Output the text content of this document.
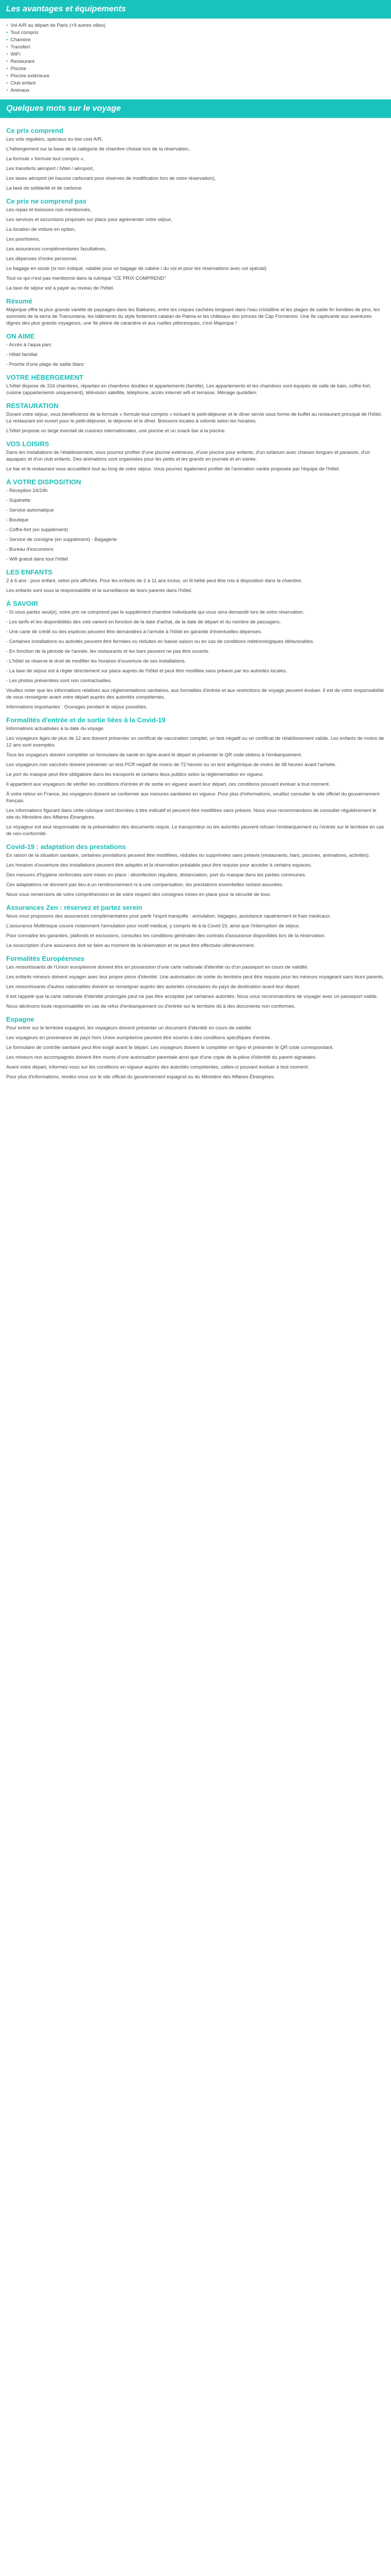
Les avantages et équipements
• Vol A/R au départ de Paris (+9 autres villes)
• Tout compris
• Chambre
• Transfert
• WiFi
• Restaurant
• Piscine
• Piscine extérieure
• Club enfant
• Animaux
Quelques mots sur le voyage
Ce prix comprend

Les vols réguliers, spéciaux ou low cost A/R,

L'hébergement sur la base de la catégorie de chambre choisie lors de la réservation,

La formule « formule tout compris »,

Les transferts aéroport / hôtel / aéroport,

Les taxes aéroport (et hausse carburant pour réserves de modification lors de votre réservation),

La taxe de solidarité et de carbone.

Ce prix ne comprend pas

Les repas et boissons non mentionnés,

Les services et excursions proposés sur place pour agrémenter votre séjour,

La location de voiture en option,

Les pourboires,

Les assurances complémentaires facultatives,

Les dépenses d'ordre personnel,

Le bagage en soute (si non indiqué, valable pour un bagage de cabine / du vol et pour les réservations avec vol spécial)

Tout ce qui n'est pas mentionné dans la rubrique "CE PRIX COMPREND"

La taxe de séjour est à payer au niveau de l'hôtel.

Résumé

Majorque offre la plus grande variété de paysages dans les Baléares, entre les criques cachées longeant dans l'eau cristalline et les plages de sable fin bordées de pins, les sommets de la serra de Tramuntana, les bâtiments du style fortement catalan de Palma et les châteaux des princes de Cap Formentor. Une île captivante aux aventures dignes des plus grands voyageurs, une île pleine de caractère et aux ruelles pittoresques, c'est Majorque !

ON AIME

- Accès à l'aqua parc

- Hôtel familial

- Proche d'une plage de sable blanc

VOTRE HÉBERGEMENT

L'hôtel dispose de 316 chambres, réparties en chambres doubles et appartements (famille). Les appartements et les chambres sont équipés de salle de bain, coffre-fort, cuisine (appartements uniquement), télévision satellite, téléphone, accès internet wifi et terrasse. Ménage quotidien.

RESTAURATION

Durant votre séjour, vous bénéficierez de la formule « formule tout compris » incluant le petit-déjeuner et le dîner servis sous forme de buffet au restaurant principal de l'hôtel. Le restaurant est ouvert pour le petit-déjeuner, le déjeuner et le dîner. Boissons locales à volonté selon les horaires.

L'hôtel propose un large éventail de cuisines internationales, une piscine et un snack-bar à la piscine.

VOS LOISIRS

Dans les installations de l'établissement, vous pourrez profiter d'une piscine extérieure, d'une piscine pour enfants, d'un solarium avec chaises longues et parasols, d'un aquaparc et d'un club enfants. Des animations sont organisées pour les petits et les grands en journée et en soirée.

Le bar et le restaurant vous accueillent tout au long de votre séjour. Vous pourrez également profiter de l'animation variée proposée par l'équipe de l'hôtel.

À VOTRE DISPOSITION

- Réception 24/24h

- Supérette

- Service automatique

- Boutique

- Coffre-fort (en supplément)

- Service de consigne (en supplément) - Bagagerie

- Bureau d'excursions

- Wifi gratuit dans tout l'hôtel

LES ENFANTS

2 à 6 ans : pour enfant, selon prix affichés. Pour les enfants de 2 à 11 ans inclus, un lit bébé peut être mis à disposition dans la chambre.

Les enfants sont sous la responsabilité et la surveillance de leurs parents dans l'hôtel.

À SAVOIR

- Si vous partez seul(e), votre prix ne comprend pas le supplément chambre individuelle qui vous sera demandé lors de votre réservation.

- Les tarifs et les disponibilités des vols varient en fonction de la date d'achat, de la date de départ et du nombre de passagers.

- Une carte de crédit ou des espèces peuvent être demandées à l'arrivée à l'hôtel en garantie d'éventuelles dépenses.

- Certaines installations ou activités peuvent être fermées ou réduites en basse saison ou en cas de conditions météorologiques défavorables.

- En fonction de la période de l'année, les restaurants et les bars peuvent ne pas être ouverts.

- L'hôtel se réserve le droit de modifier les horaires d'ouverture de ses installations.

- La taxe de séjour est à régler directement sur place auprès de l'hôtel et peut être modifiée sans préavis par les autorités locales.

- Les photos présentées sont non contractuelles.

Veuillez noter que les informations relatives aux réglementations sanitaires, aux formalités d'entrée et aux restrictions de voyage peuvent évoluer. Il est de votre responsabilité de vous renseigner avant votre départ auprès des autorités compétentes.

Informations importantes : Ouvrages pendant le séjour possibles.

Formalités d'entrée et de sortie liées à la Covid-19

Informations actualisées à la date du voyage.

Les voyageurs âgés de plus de 12 ans doivent présenter un certificat de vaccination complet, un test négatif ou un certificat de rétablissement valide. Les enfants de moins de 12 ans sont exemptés.

Tous les voyageurs doivent compléter un formulaire de santé en ligne avant le départ et présenter le QR code obtenu à l'embarquement.

Les voyageurs non vaccinés doivent présenter un test PCR négatif de moins de 72 heures ou un test antigénique de moins de 48 heures avant l'arrivée.

Le port du masque peut être obligatoire dans les transports et certains lieux publics selon la réglementation en vigueur.

Il appartient aux voyageurs de vérifier les conditions d'entrée et de sortie en vigueur avant leur départ, ces conditions pouvant évoluer à tout moment.

À votre retour en France, les voyageurs doivent se conformer aux mesures sanitaires en vigueur. Pour plus d'informations, veuillez consulter le site officiel du gouvernement français.

Les informations figurant dans cette rubrique sont données à titre indicatif et peuvent être modifiées sans préavis. Nous vous recommandons de consulter régulièrement le site du Ministère des Affaires Étrangères.

Le voyageur est seul responsable de la présentation des documents requis. Le transporteur ou les autorités peuvent refuser l'embarquement ou l'entrée sur le territoire en cas de non-conformité.

Covid-19 : adaptation des prestations

En raison de la situation sanitaire, certaines prestations peuvent être modifiées, réduites ou supprimées sans préavis (restaurants, bars, piscines, animations, activités).

Les horaires d'ouverture des installations peuvent être adaptés et la réservation préalable peut être requise pour accéder à certains espaces.

Des mesures d'hygiène renforcées sont mises en place : désinfection régulière, distanciation, port du masque dans les parties communes.

Ces adaptations ne donnent pas lieu à un remboursement ni à une compensation, les prestations essentielles restant assurées.

Nous vous remercions de votre compréhension et de votre respect des consignes mises en place pour la sécurité de tous.

Assurances Zen : réservez et partez serein

Nous vous proposons des assurances complémentaires pour partir l'esprit tranquille : annulation, bagages, assistance rapatriement et frais médicaux.

L'assurance Multirisque couvre notamment l'annulation pour motif médical, y compris lié à la Covid-19, ainsi que l'interruption de séjour.

Pour connaître les garanties, plafonds et exclusions, consultez les conditions générales des contrats d'assurance disponibles lors de la réservation.

La souscription d'une assurance doit se faire au moment de la réservation et ne peut être effectuée ultérieurement.

Formalités Européennes

Les ressortissants de l'Union européenne doivent être en possession d'une carte nationale d'identité ou d'un passeport en cours de validité.

Les enfants mineurs doivent voyager avec leur propre pièce d'identité. Une autorisation de sortie du territoire peut être requise pour les mineurs voyageant sans leurs parents.

Les ressortissants d'autres nationalités doivent se renseigner auprès des autorités consulaires du pays de destination avant leur départ.

Il est rappelé que la carte nationale d'identité prolongée peut ne pas être acceptée par certaines autorités. Nous vous recommandons de voyager avec un passeport valide.

Nous déclinons toute responsabilité en cas de refus d'embarquement ou d'entrée sur le territoire dû à des documents non conformes.

Espagne

Pour entrer sur le territoire espagnol, les voyageurs doivent présenter un document d'identité en cours de validité.

Les voyageurs en provenance de pays hors Union européenne peuvent être soumis à des conditions spécifiques d'entrée.

Le formulaire de contrôle sanitaire peut être exigé avant le départ. Les voyageurs doivent le compléter en ligne et présenter le QR code correspondant.

Les mineurs non accompagnés doivent être munis d'une autorisation parentale ainsi que d'une copie de la pièce d'identité du parent signataire.

Avant votre départ, informez-vous sur les conditions en vigueur auprès des autorités compétentes, celles-ci pouvant évoluer à tout moment.

Pour plus d'informations, rendez-vous sur le site officiel du gouvernement espagnol ou du Ministère des Affaires Étrangères.
